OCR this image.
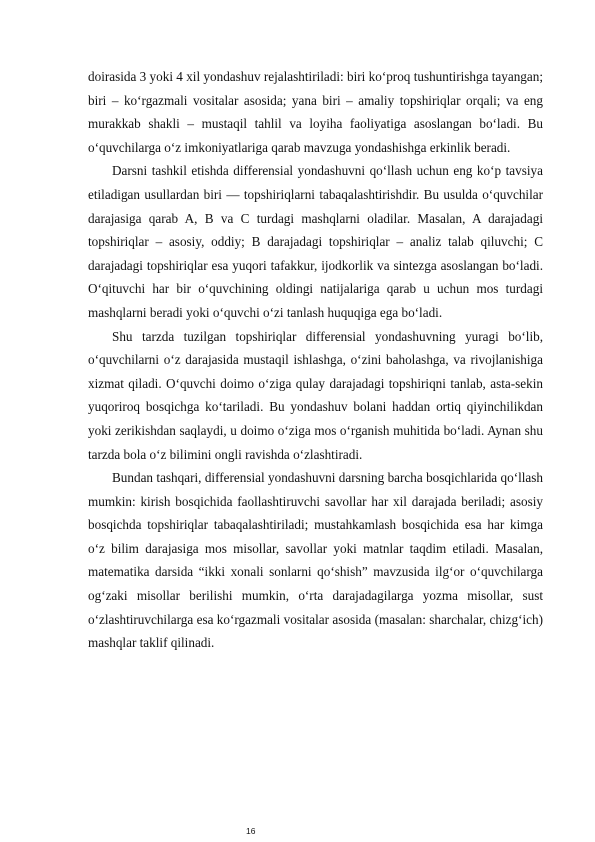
doirasida 3 yoki 4 xil yondashuv rejalashtiriladi: biri ko‘proq tushuntirishga tayangan; biri – ko‘rgazmali vositalar asosida; yana biri – amaliy topshiriqlar orqali; va eng murakkab shakli – mustaqil tahlil va loyiha faoliyatiga asoslangan bo‘ladi. Bu o‘quvchilarga o‘z imkoniyatlariga qarab mavzuga yondashishga erkinlik beradi.

Darsni tashkil etishda differensial yondashuvni qo‘llash uchun eng ko‘p tavsiya etiladigan usullardan biri — topshiriqlarni tabaqalashtirishdir. Bu usulda o‘quvchilar darajasiga qarab A, B va C turdagi mashqlarni oladilar. Masalan, A darajadagi topshiriqlar – asosiy, oddiy; B darajadagi topshiriqlar – analiz talab qiluvchi; C darajadagi topshiriqlar esa yuqori tafakkur, ijodkorlik va sintezga asoslangan bo‘ladi. O‘qituvchi har bir o‘quvchining oldingi natijalariga qarab u uchun mos turdagi mashqlarni beradi yoki o‘quvchi o‘zi tanlash huquqiga ega bo‘ladi.

Shu tarzda tuzilgan topshiriqlar differensial yondashuvning yuragi bo‘lib, o‘quvchilarni o‘z darajasida mustaqil ishlashga, o‘zini baholashga, va rivojlanishiga xizmat qiladi. O‘quvchi doimo o‘ziga qulay darajadagi topshiriqni tanlab, asta-sekin yuqoriroq bosqichga ko‘tariladi. Bu yondashuv bolani haddan ortiq qiyinchilikdan yoki zerikishdan saqlaydi, u doimo o‘ziga mos o‘rganish muhitida bo‘ladi. Aynan shu tarzda bola o‘z bilimini ongli ravishda o‘zlashtiradi.

Bundan tashqari, differensial yondashuvni darsning barcha bosqichlarida qo‘llash mumkin: kirish bosqichida faollashtiruvchi savollar har xil darajada beriladi; asosiy bosqichda topshiriqlar tabaqalashtiriladi; mustahkamlash bosqichida esa har kimga o‘z bilim darajasiga mos misollar, savollar yoki matnlar taqdim etiladi. Masalan, matematika darsida “ikki xonali sonlarni qo‘shish” mavzusida ilg‘or o‘quvchilarga og‘zaki misollar berilishi mumkin, o‘rta darajadagilarga yozma misollar, sust o‘zlashtiruvchilarga esa ko‘rgazmali vositalar asosida (masalan: sharchalar, chizg‘ich) mashqlar taklif qilinadi.

16
